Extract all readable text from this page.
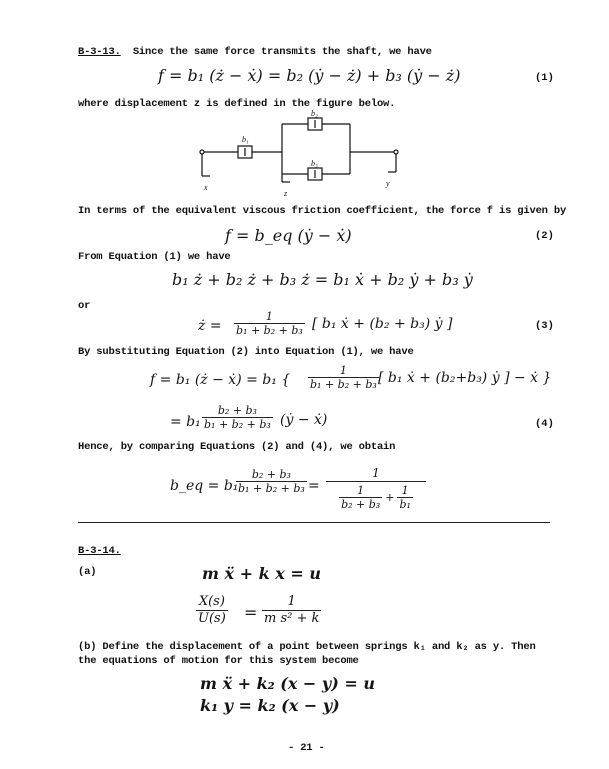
B-3-13. Since the same force transmits the shaft, we have
f = b₁ (ż − ẋ) = b₂ (ẏ − ż) + b₃ (ẏ − ż)	(1)
where displacement z is defined in the figure below.
b₁
b₂
b₃
x	y
z
In terms of the equivalent viscous friction coefficient, the force f is given by
f = b_eq (ẏ − ẋ)	(2)
From Equation (1) we have
b₁ ż + b₂ ż + b₃ ż = b₁ ẋ + b₂ ẏ + b₃ ẏ
or
ż = $\frac{1}{\text{b₁ + b₂ + b₃}}$ [ b₁ ẋ + (b₂ + b₃) ẏ ]	(3)
By substituting Equation (2) into Equation (1), we have
f = b₁ (ż − ẋ) = b₁ { $\frac{1}{\text{b₁ + b₂ + b₃}}$ [ b₁ ẋ + (b₂+b₃) ẏ ] − ẋ }
= $b_1 \frac{\text{b₂ + b₃}}{\text{b₁ + b₂ + b₃}}$ (ẏ − ẋ)	(4)
Hence, by comparing Equations (2) and (4), we obtain
b_eq = b₁
$\frac{\text{b₂ + b₃}}{\text{b₁ + b₂ + b₃}}$ =
1
$\frac{1}{\text{b₂ + b₃}} + \frac{1}{\text{b₁}}$
B-3-14.
(a)	m ẍ + k x = u
$\frac{X(s)}{U(s)} = \frac{1}{\text{m s² + k}}$
(b) Define the displacement of a point between springs k₁ and k₂ as y. Then
the equations of motion for this system become
m ẍ + k₂ (x − y) = u
k₁ y = k₂ (x − y)
- 21 -
